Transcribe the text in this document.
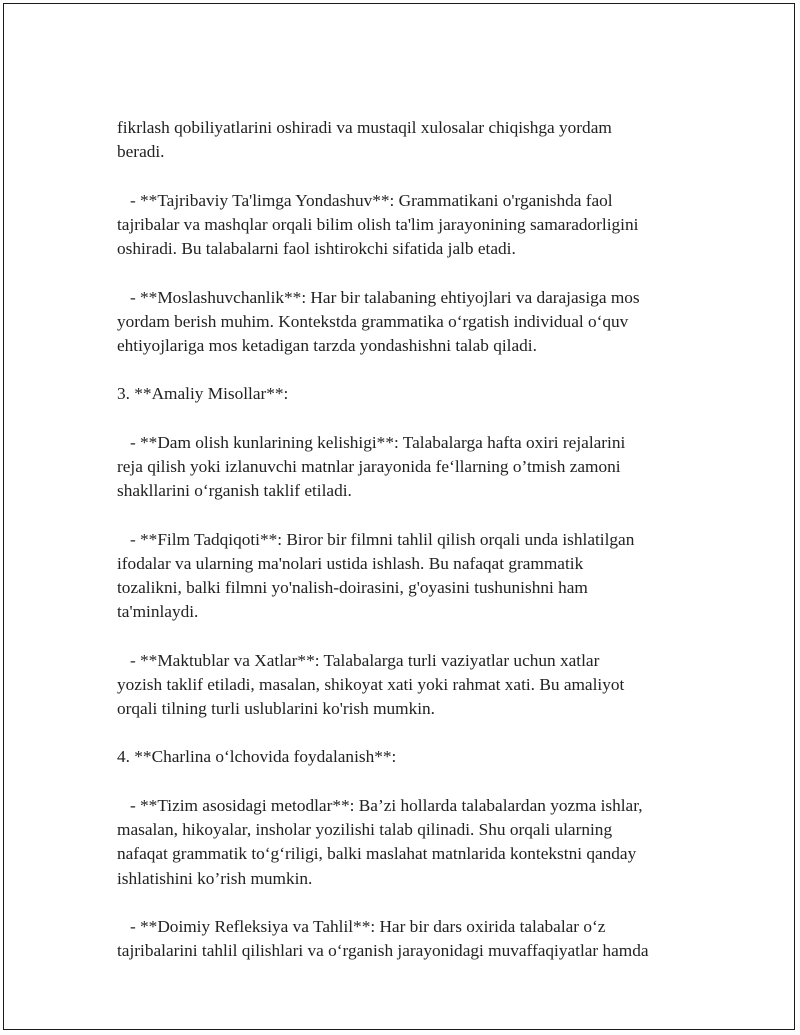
fikrlash qobiliyatlarini oshiradi va mustaqil xulosalar chiqishga yordam
beradi.

- **Tajribaviy Ta'limga Yondashuv**: Grammatikani o'rganishda faol
tajribalar va mashqlar orqali bilim olish ta'lim jarayonining samaradorligini
oshiradi. Bu talabalarni faol ishtirokchi sifatida jalb etadi.

- **Moslashuvchanlik**: Har bir talabaning ehtiyojlari va darajasiga mos
yordam berish muhim. Kontekstda grammatika o‘rgatish individual o‘quv
ehtiyojlariga mos ketadigan tarzda yondashishni talab qiladi.

3. **Amaliy Misollar**:

- **Dam olish kunlarining kelishigi**: Talabalarga hafta oxiri rejalarini
reja qilish yoki izlanuvchi matnlar jarayonida fe‘llarning o’tmish zamoni
shakllarini o‘rganish taklif etiladi.

- **Film Tadqiqoti**: Biror bir filmni tahlil qilish orqali unda ishlatilgan
ifodalar va ularning ma'nolari ustida ishlash. Bu nafaqat grammatik
tozalikni, balki filmni yo'nalish-doirasini, g'oyasini tushunishni ham
ta'minlaydi.

- **Maktublar va Xatlar**: Talabalarga turli vaziyatlar uchun xatlar
yozish taklif etiladi, masalan, shikoyat xati yoki rahmat xati. Bu amaliyot
orqali tilning turli uslublarini ko'rish mumkin.

4. **Charlina o‘lchovida foydalanish**:

- **Tizim asosidagi metodlar**: Ba’zi hollarda talabalardan yozma ishlar,
masalan, hikoyalar, insholar yozilishi talab qilinadi. Shu orqali ularning
nafaqat grammatik to‘g‘riligi, balki maslahat matnlarida kontekstni qanday
ishlatishini ko’rish mumkin.

- **Doimiy Refleksiya va Tahlil**: Har bir dars oxirida talabalar o‘z
tajribalarini tahlil qilishlari va o‘rganish jarayonidagi muvaffaqiyatlar hamda
